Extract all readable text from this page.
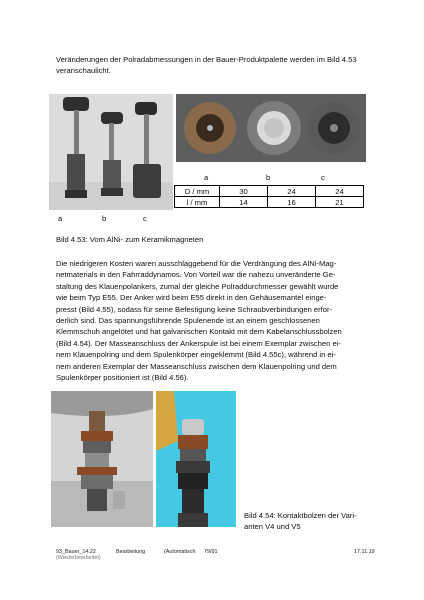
Veränderungen der Polradabmessungen in der Bauer-Produktpalette werden im Bild 4.53 veranschaulicht.
a	b	c
D / mm	30	24	24
l / mm	14	16	21
a	b	c
Bild 4.53: Vom AlNi- zum Keramikmagneten
Die niedrigeren Kosten waren ausschlaggebend für die Verdrängung des AlNi-Mag-
netmaterials in den Fahrraddynamos. Von Vorteil war die nahezu unveränderte Ge-
staltung des Klauenpolankers, zumal der gleiche Polraddurchmesser gewählt wurde
wie beim Typ E55. Der Anker wird beim E55 direkt in den Gehäusemantel einge-
presst (Bild 4.55), sodass für seine Befestigung keine Schraubverbindungen erfor-
derlich sind. Das spannungsführende Spulenende ist an einem geschlossenen
Klemmschuh angelötet und hat galvanischen Kontakt mit dem Kabelanschlussbolzen
(Bild 4.54). Der Masseanschluss der Ankerspule ist bei einem Exemplar zwischen ei-
nem Klauenpolring und dem Spulenkörper eingeklemmt (Bild 4.55c), während in ei-
nem anderen Exemplar der Masseanschluss zwischen dem Klauenpolring und dem
Spulenkörper positioniert ist (Bild 4.56).
Bild 4.54: Kontaktbolzen der Vari-
anten V4 und V5
93_Bauer_14.22
(Wiederbearbeitet)
Bearbeitung	(Automatisch 79/91	17.11.19
